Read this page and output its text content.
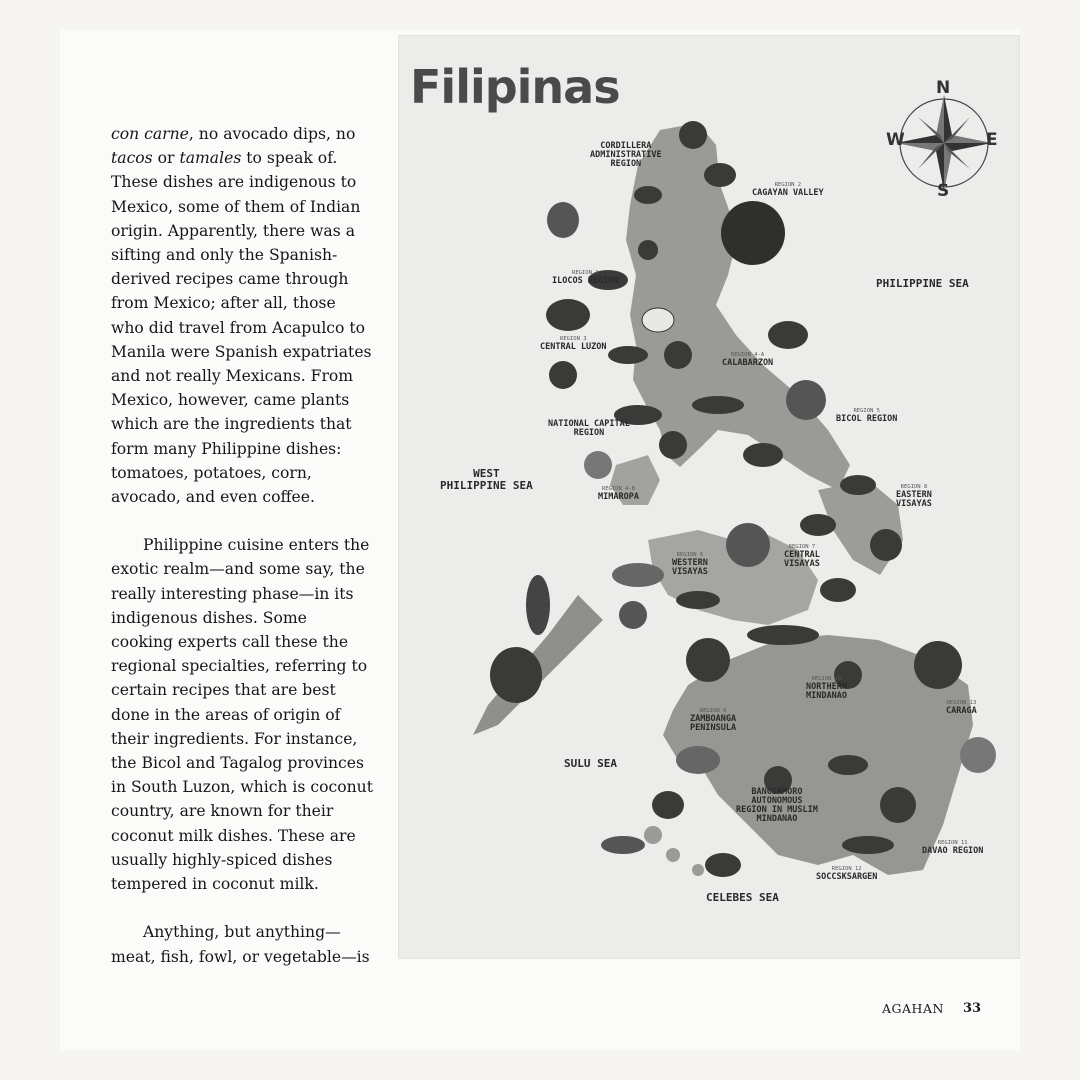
con carne, no avocado dips, no tacos or tamales to speak of. These dishes are indigenous to Mexico, some of them of Indian origin. Apparently, there was a sifting and only the Spanish-derived recipes came through from Mexico; after all, those who did travel from Acapulco to Manila were Spanish expatriates and not really Mexicans. From Mexico, however, came plants which are the ingredients that form many Philippine dishes: tomatoes, potatoes, corn, avocado, and even coffee.

Philippine cuisine enters the exotic realm—and some say, the really interesting phase—in its indigenous dishes. Some cooking experts call these the regional specialties, referring to certain recipes that are best done in the areas of origin of their ingredients. For instance, the Bicol and Tagalog provinces in South Luzon, which is coconut country, are known for their coconut milk dishes. These are usually highly-spiced dishes tempered in coconut milk.

Anything, but anything—meat, fish, fowl, or vegetable—is

Filipinas	N
E
S
W
CORDILLERA
ADMINISTRATIVE
REGION
REGION 2
CAGAYAN VALLEY
REGION 1
ILOCOS REGION
REGION 3
CENTRAL LUZON
REGION 4-A
CALABARZON
NATIONAL CAPITAL
REGION
REGION 5
BICOL REGION
REGION 4-B
MIMAROPA
REGION 8
EASTERN
VISAYAS
REGION 6
WESTERN
VISAYAS
REGION 7
CENTRAL
VISAYAS
REGION 10
NORTHERN
MINDANAO
REGION 13
CARAGA
REGION 9
ZAMBOANGA
PENINSULA
BANGSAMORO
AUTONOMOUS
REGION IN MUSLIM
MINDANAO
REGION 11
DAVAO REGION
REGION 12
SOCCSKSARGEN
PHILIPPINE SEA
WEST
PHILIPPINE SEA
SULU SEA
CELEBES SEA
AGAHAN 33
